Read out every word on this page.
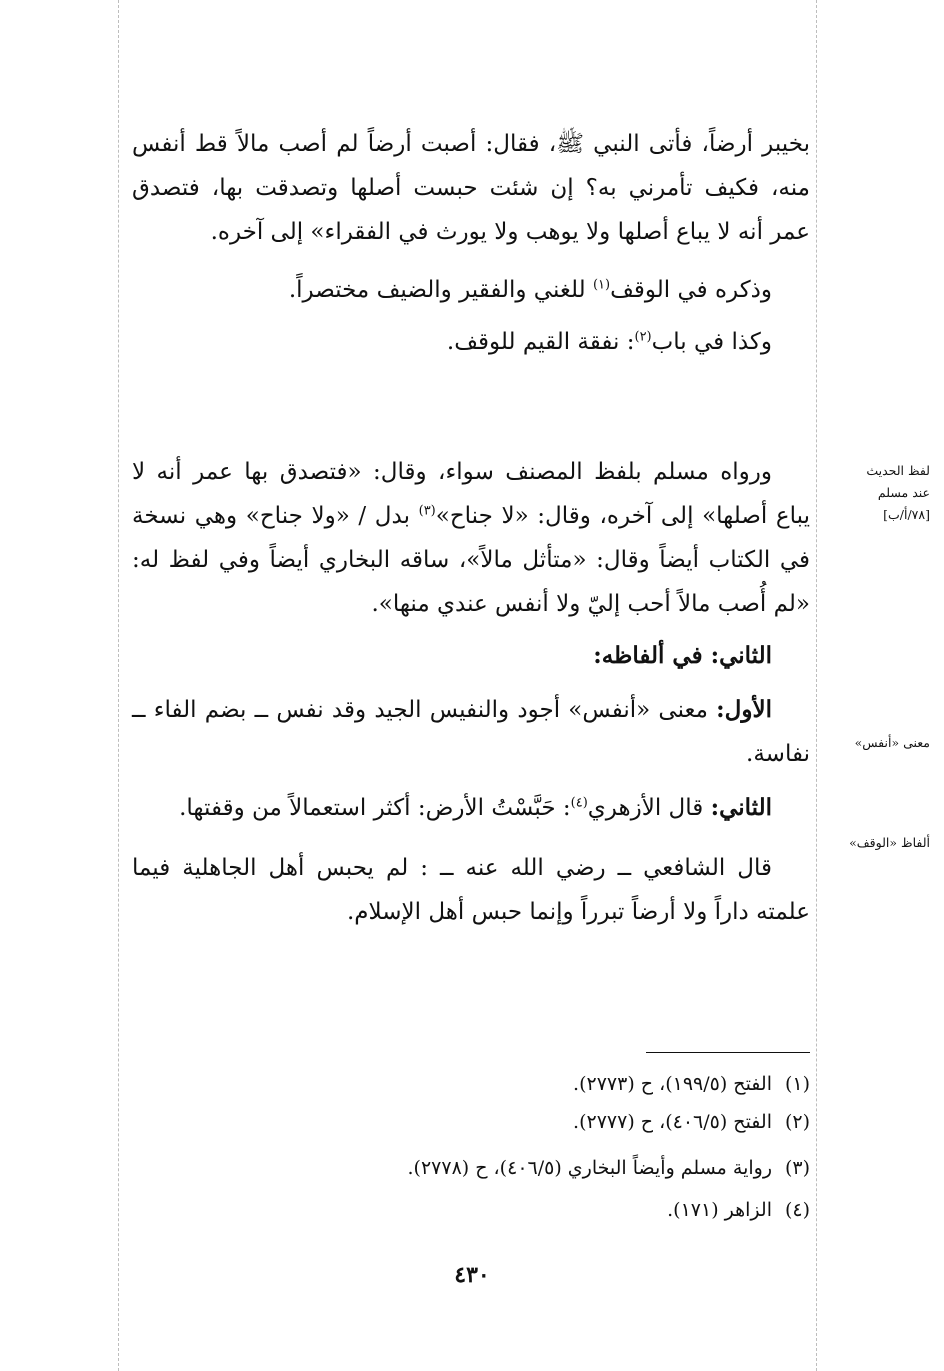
بخيبر أرضاً، فأتى النبي ﷺ، فقال: أصبت أرضاً لم أصب مالاً قط أنفس منه، فكيف تأمرني به؟ إن شئت حبست أصلها وتصدقت بها، فتصدق عمر أنه لا يباع أصلها ولا يوهب ولا يورث في الفقراء» إلى آخره.

وذكره في الوقف$^{(١)}$ للغني والفقير والضيف مختصراً.

وكذا في باب$^{(٢)}$: نفقة القيم للوقف.

ورواه مسلم بلفظ المصنف سواء، وقال: «فتصدق بها عمر أنه لا يباع أصلها» إلى آخره، وقال: «لا جناح»$^{(٣)}$ بدل / «ولا جناح» وهي نسخة في الكتاب أيضاً وقال: «متأثل مالاً»، ساقه البخاري أيضاً وفي لفظ له: «لم أُصب مالاً أحب إليّ ولا أنفس عندي منها».

الثاني: في ألفاظه:

الأول: معنى «أنفس» أجود والنفيس الجيد وقد نفس ــ بضم الفاء ــ نفاسة.

الثاني: قال الأزهري$^{(٤)}$: حَبَّسْتُ الأرض: أكثر استعمالاً من وقفتها.

قال الشافعي ــ رضي الله عنه ــ : لم يحبس أهل الجاهلية فيما علمته داراً ولا أرضاً تبرراً وإنما حبس أهل الإسلام.

لفظ الحديث
عند مسلم
[٧٨/أ/ب]
معنى «أنفس»
ألفاظ «الوقف»
(١)الفتح (١٩٩/٥)، ح (٢٧٧٣).
(٢)الفتح (٤٠٦/٥)، ح (٢٧٧٧).
(٣)رواية مسلم وأيضاً البخاري (٤٠٦/٥)، ح (٢٧٧٨).
(٤)الزاهر (١٧١).
٤٣٠
